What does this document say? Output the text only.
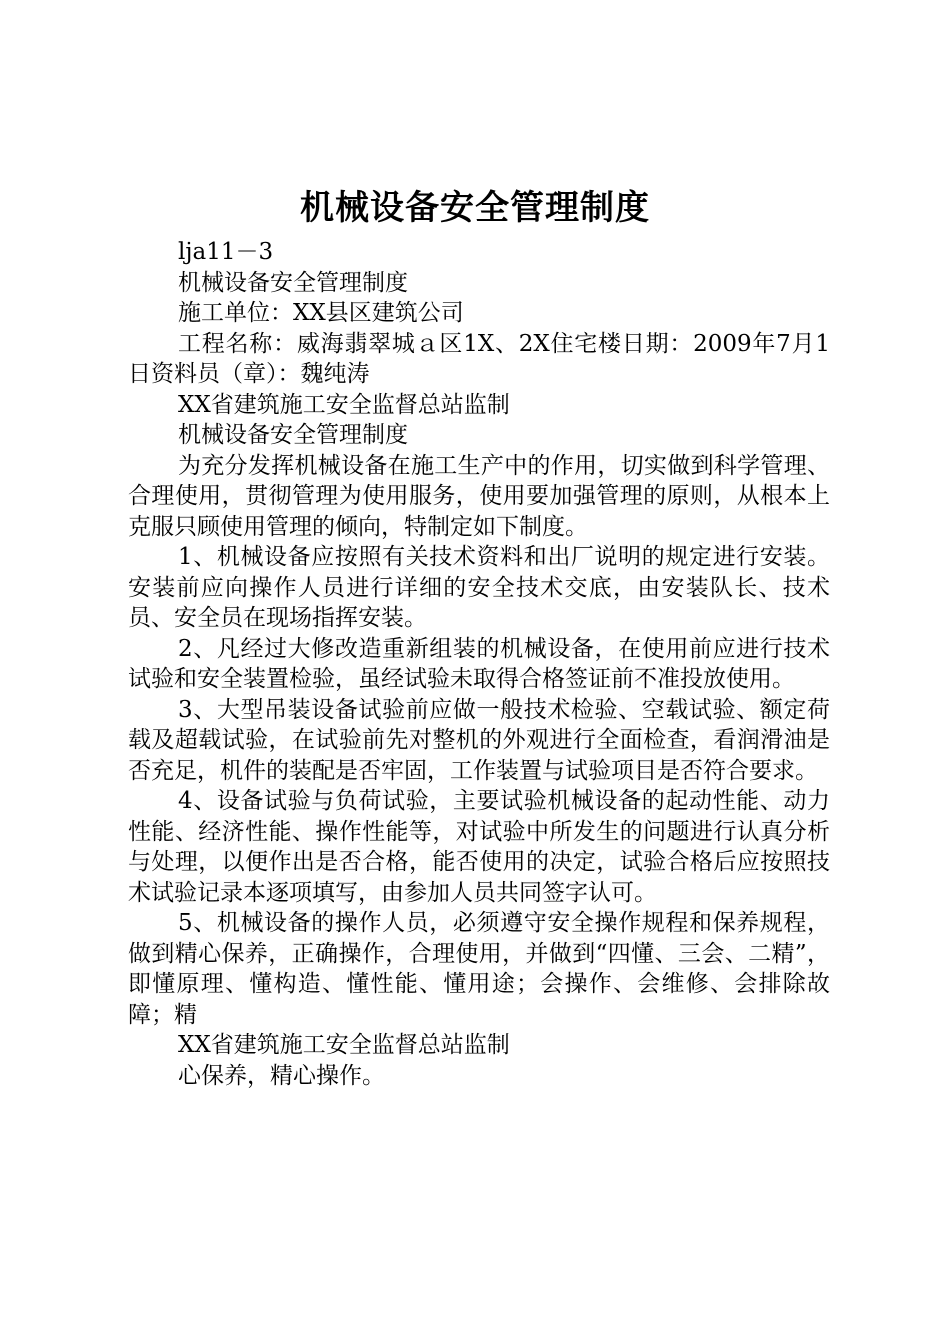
机械设备安全管理制度

lja11－3

机械设备安全管理制度

施工单位：XX县区建筑公司

工程名称：威海翡翠城ａ区1X、2X住宅楼日期：2009年7月1日资料员（章）：魏纯涛

XX省建筑施工安全监督总站监制

机械设备安全管理制度

为充分发挥机械设备在施工生产中的作用，切实做到科学管理、合理使用，贯彻管理为使用服务，使用要加强管理的原则，从根本上克服只顾使用管理的倾向，特制定如下制度。

1、机械设备应按照有关技术资料和出厂说明的规定进行安装。安装前应向操作人员进行详细的安全技术交底，由安装队长、技术员、安全员在现场指挥安装。

2、凡经过大修改造重新组装的机械设备，在使用前应进行技术试验和安全装置检验，虽经试验未取得合格签证前不准投放使用。

3、大型吊装设备试验前应做一般技术检验、空载试验、额定荷载及超载试验，在试验前先对整机的外观进行全面检查，看润滑油是否充足，机件的装配是否牢固，工作装置与试验项目是否符合要求。

4、设备试验与负荷试验，主要试验机械设备的起动性能、动力性能、经济性能、操作性能等，对试验中所发生的问题进行认真分析与处理，以便作出是否合格，能否使用的决定，试验合格后应按照技术试验记录本逐项填写，由参加人员共同签字认可。

5、机械设备的操作人员，必须遵守安全操作规程和保养规程，做到精心保养，正确操作，合理使用，并做到“四懂、三会、二精”，即懂原理、懂构造、懂性能、懂用途；会操作、会维修、会排除故障；精

XX省建筑施工安全监督总站监制

心保养，精心操作。
